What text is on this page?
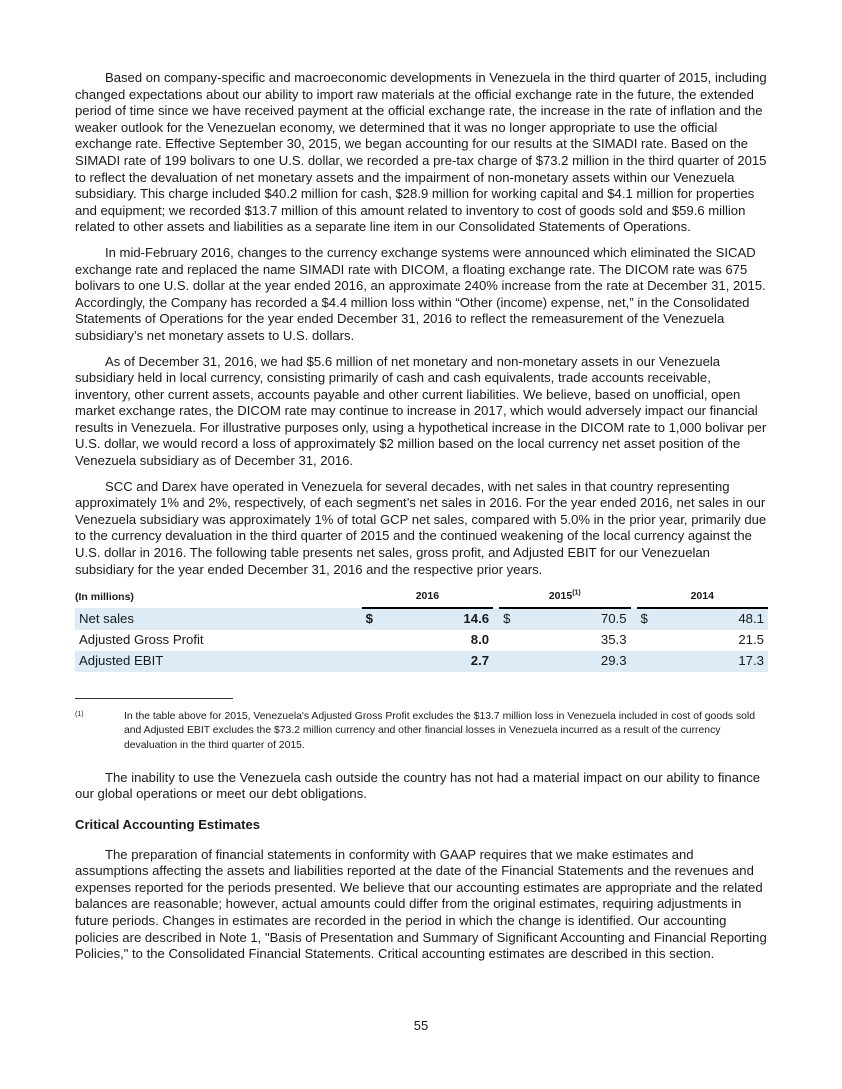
Based on company-specific and macroeconomic developments in Venezuela in the third quarter of 2015, including changed expectations about our ability to import raw materials at the official exchange rate in the future, the extended period of time since we have received payment at the official exchange rate, the increase in the rate of inflation and the weaker outlook for the Venezuelan economy, we determined that it was no longer appropriate to use the official exchange rate. Effective September 30, 2015, we began accounting for our results at the SIMADI rate. Based on the SIMADI rate of 199 bolivars to one U.S. dollar, we recorded a pre-tax charge of $73.2 million in the third quarter of 2015 to reflect the devaluation of net monetary assets and the impairment of non-monetary assets within our Venezuela subsidiary. This charge included $40.2 million for cash, $28.9 million for working capital and $4.1 million for properties and equipment; we recorded $13.7 million of this amount related to inventory to cost of goods sold and $59.6 million related to other assets and liabilities as a separate line item in our Consolidated Statements of Operations.

In mid-February 2016, changes to the currency exchange systems were announced which eliminated the SICAD exchange rate and replaced the name SIMADI rate with DICOM, a floating exchange rate. The DICOM rate was 675 bolivars to one U.S. dollar at the year ended 2016, an approximate 240% increase from the rate at December 31, 2015. Accordingly, the Company has recorded a $4.4 million loss within “Other (income) expense, net,” in the Consolidated Statements of Operations for the year ended December 31, 2016 to reflect the remeasurement of the Venezuela subsidiary’s net monetary assets to U.S. dollars.

As of December 31, 2016, we had $5.6 million of net monetary and non-monetary assets in our Venezuela subsidiary held in local currency, consisting primarily of cash and cash equivalents, trade accounts receivable, inventory, other current assets, accounts payable and other current liabilities. We believe, based on unofficial, open market exchange rates, the DICOM rate may continue to increase in 2017, which would adversely impact our financial results in Venezuela. For illustrative purposes only, using a hypothetical increase in the DICOM rate to 1,000 bolivar per U.S. dollar, we would record a loss of approximately $2 million based on the local currency net asset position of the Venezuela subsidiary as of December 31, 2016.

SCC and Darex have operated in Venezuela for several decades, with net sales in that country representing approximately 1% and 2%, respectively, of each segment’s net sales in 2016. For the year ended 2016, net sales in our Venezuela subsidiary was approximately 1% of total GCP net sales, compared with 5.0% in the prior year, primarily due to the currency devaluation in the third quarter of 2015 and the continued weakening of the local currency against the U.S. dollar in 2016. The following table presents net sales, gross profit, and Adjusted EBIT for our Venezuelan subsidiary for the year ended December 31, 2016 and the respective prior years.

(In millions)	2016			2015$^{(1)}$			2014	
Net sales	$	14.6		$	70.5		$	48.1
Adjusted Gross Profit		8.0			35.3			21.5
Adjusted EBIT		2.7			29.3			17.3
(1)	In the table above for 2015, Venezuela's Adjusted Gross Profit excludes the $13.7 million loss in Venezuela included in cost of goods sold and Adjusted EBIT excludes the $73.2 million currency and other financial losses in Venezuela incurred as a result of the currency devaluation in the third quarter of 2015.

The inability to use the Venezuela cash outside the country has not had a material impact on our ability to finance our global operations or meet our debt obligations.

Critical Accounting Estimates

The preparation of financial statements in conformity with GAAP requires that we make estimates and assumptions affecting the assets and liabilities reported at the date of the Financial Statements and the revenues and expenses reported for the periods presented. We believe that our accounting estimates are appropriate and the related balances are reasonable; however, actual amounts could differ from the original estimates, requiring adjustments in future periods. Changes in estimates are recorded in the period in which the change is identified. Our accounting policies are described in Note 1, "Basis of Presentation and Summary of Significant Accounting and Financial Reporting Policies," to the Consolidated Financial Statements. Critical accounting estimates are described in this section.

55
